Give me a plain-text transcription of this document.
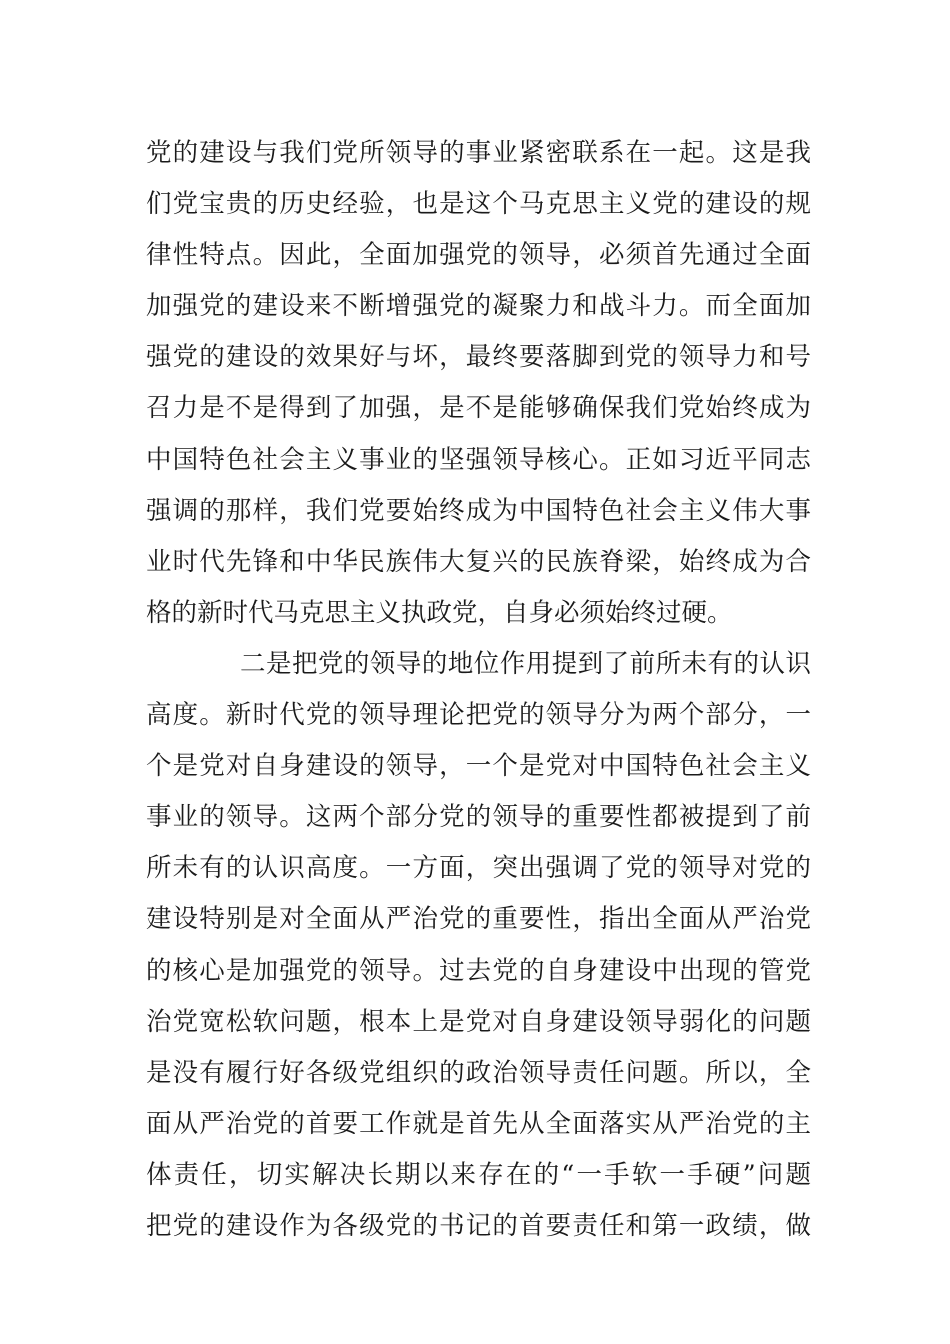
党的建设与我们党所领导的事业紧密联系在一起。这是我
们党宝贵的历史经验，也是这个马克思主义党的建设的规
律性特点。因此，全面加强党的领导，必须首先通过全面
加强党的建设来不断增强党的凝聚力和战斗力。而全面加
强党的建设的效果好与坏，最终要落脚到党的领导力和号
召力是不是得到了加强，是不是能够确保我们党始终成为
中国特色社会主义事业的坚强领导核心。正如习近平同志
强调的那样，我们党要始终成为中国特色社会主义伟大事
业时代先锋和中华民族伟大复兴的民族脊梁，始终成为合
格的新时代马克思主义执政党，自身必须始终过硬。
二是把党的领导的地位作用提到了前所未有的认识
高度。新时代党的领导理论把党的领导分为两个部分，一
个是党对自身建设的领导，一个是党对中国特色社会主义
事业的领导。这两个部分党的领导的重要性都被提到了前
所未有的认识高度。一方面，突出强调了党的领导对党的
建设特别是对全面从严治党的重要性，指出全面从严治党
的核心是加强党的领导。过去党的自身建设中出现的管党
治党宽松软问题，根本上是党对自身建设领导弱化的问题
是没有履行好各级党组织的政治领导责任问题。所以，全
面从严治党的首要工作就是首先从全面落实从严治党的主
体责任，切实解决长期以来存在的“一手软一手硬”问题
把党的建设作为各级党的书记的首要责任和第一政绩，做
